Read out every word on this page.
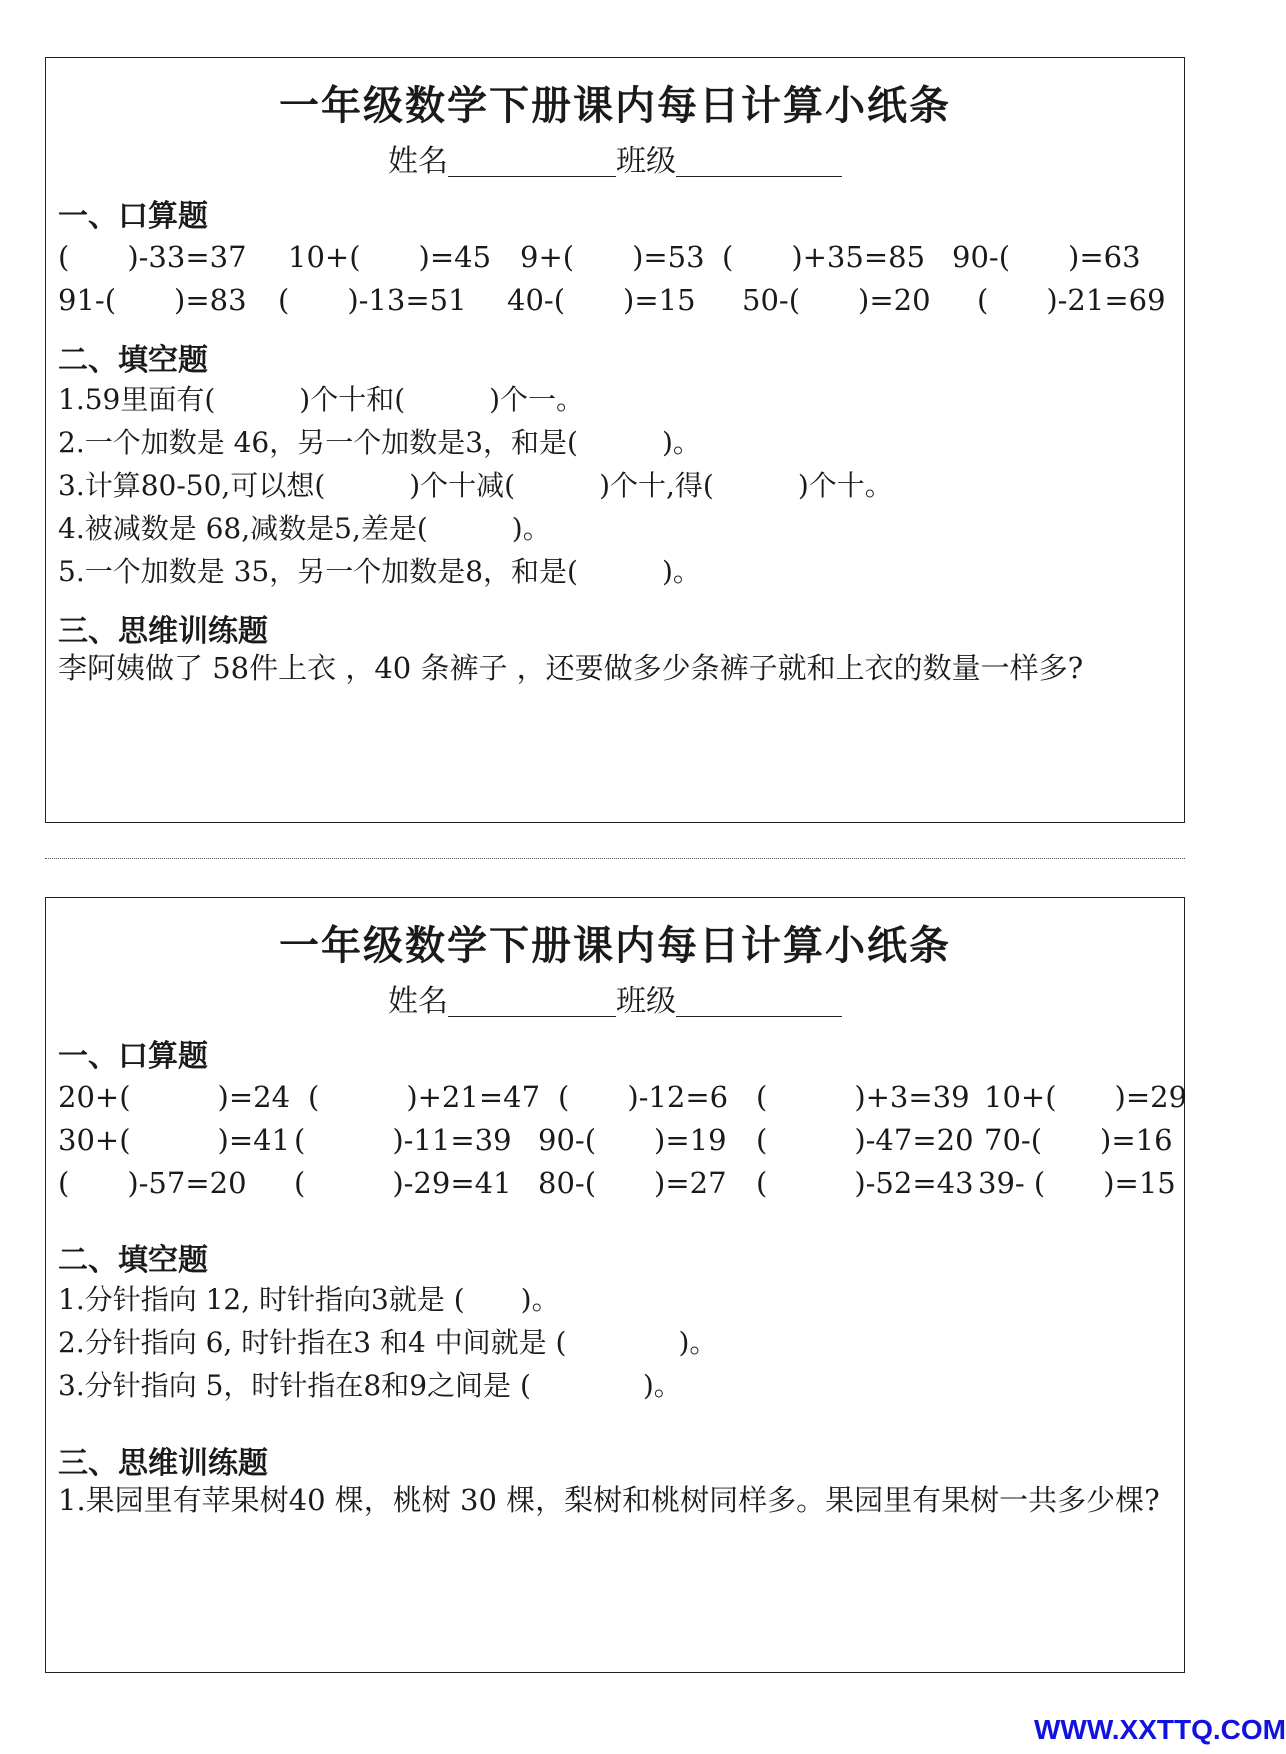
一年级数学下册课内每日计算小纸条
姓名	班级
一、口算题
(　　)-33=37 10+(　　)=45 9+(　　)=53 (　　)+35=85 90-(　　)=63
91-(　　)=83 (　　)-13=51 40-(　　)=15 50-(　　)=20 (　　)-21=69
二、填空题
1.59里面有(　　　)个十和(　　　)个一。
2.一个加数是 46，另一个加数是3，和是(　　　)。
3.计算80-50,可以想(　　　)个十减(　　　)个十,得(　　　)个十。
4.被减数是 68,减数是5,差是(　　　)。
5.一个加数是 35，另一个加数是8，和是(　　　)。
三、思维训练题
李阿姨做了 58件上衣 ，40 条裤子 ，还要做多少条裤子就和上衣的数量一样多?
一年级数学下册课内每日计算小纸条
姓名	班级
一、口算题
20+(　　　)=24 (　　　)+21=47 (　　)-12=6 (　　　)+3=39 10+(　　)=29
30+(　　　)=41 (　　　)-11=39 90-(　　)=19 (　　　)-47=20 70-(　　)=16
(　　)-57=20 (　　　)-29=41 80-(　　)=27 (　　　)-52=43 39- (　　)=15
二、填空题
1.分针指向 12, 时针指向3就是 (　　)。
2.分针指向 6, 时针指在3 和4 中间就是 (　　　　)。
3.分针指向 5，时针指在8和9之间是 (　　　　)。
三、思维训练题
1.果园里有苹果树40 棵，桃树 30 棵，梨树和桃树同样多。果园里有果树一共多少棵?
WWW.XXTTQ.COM
